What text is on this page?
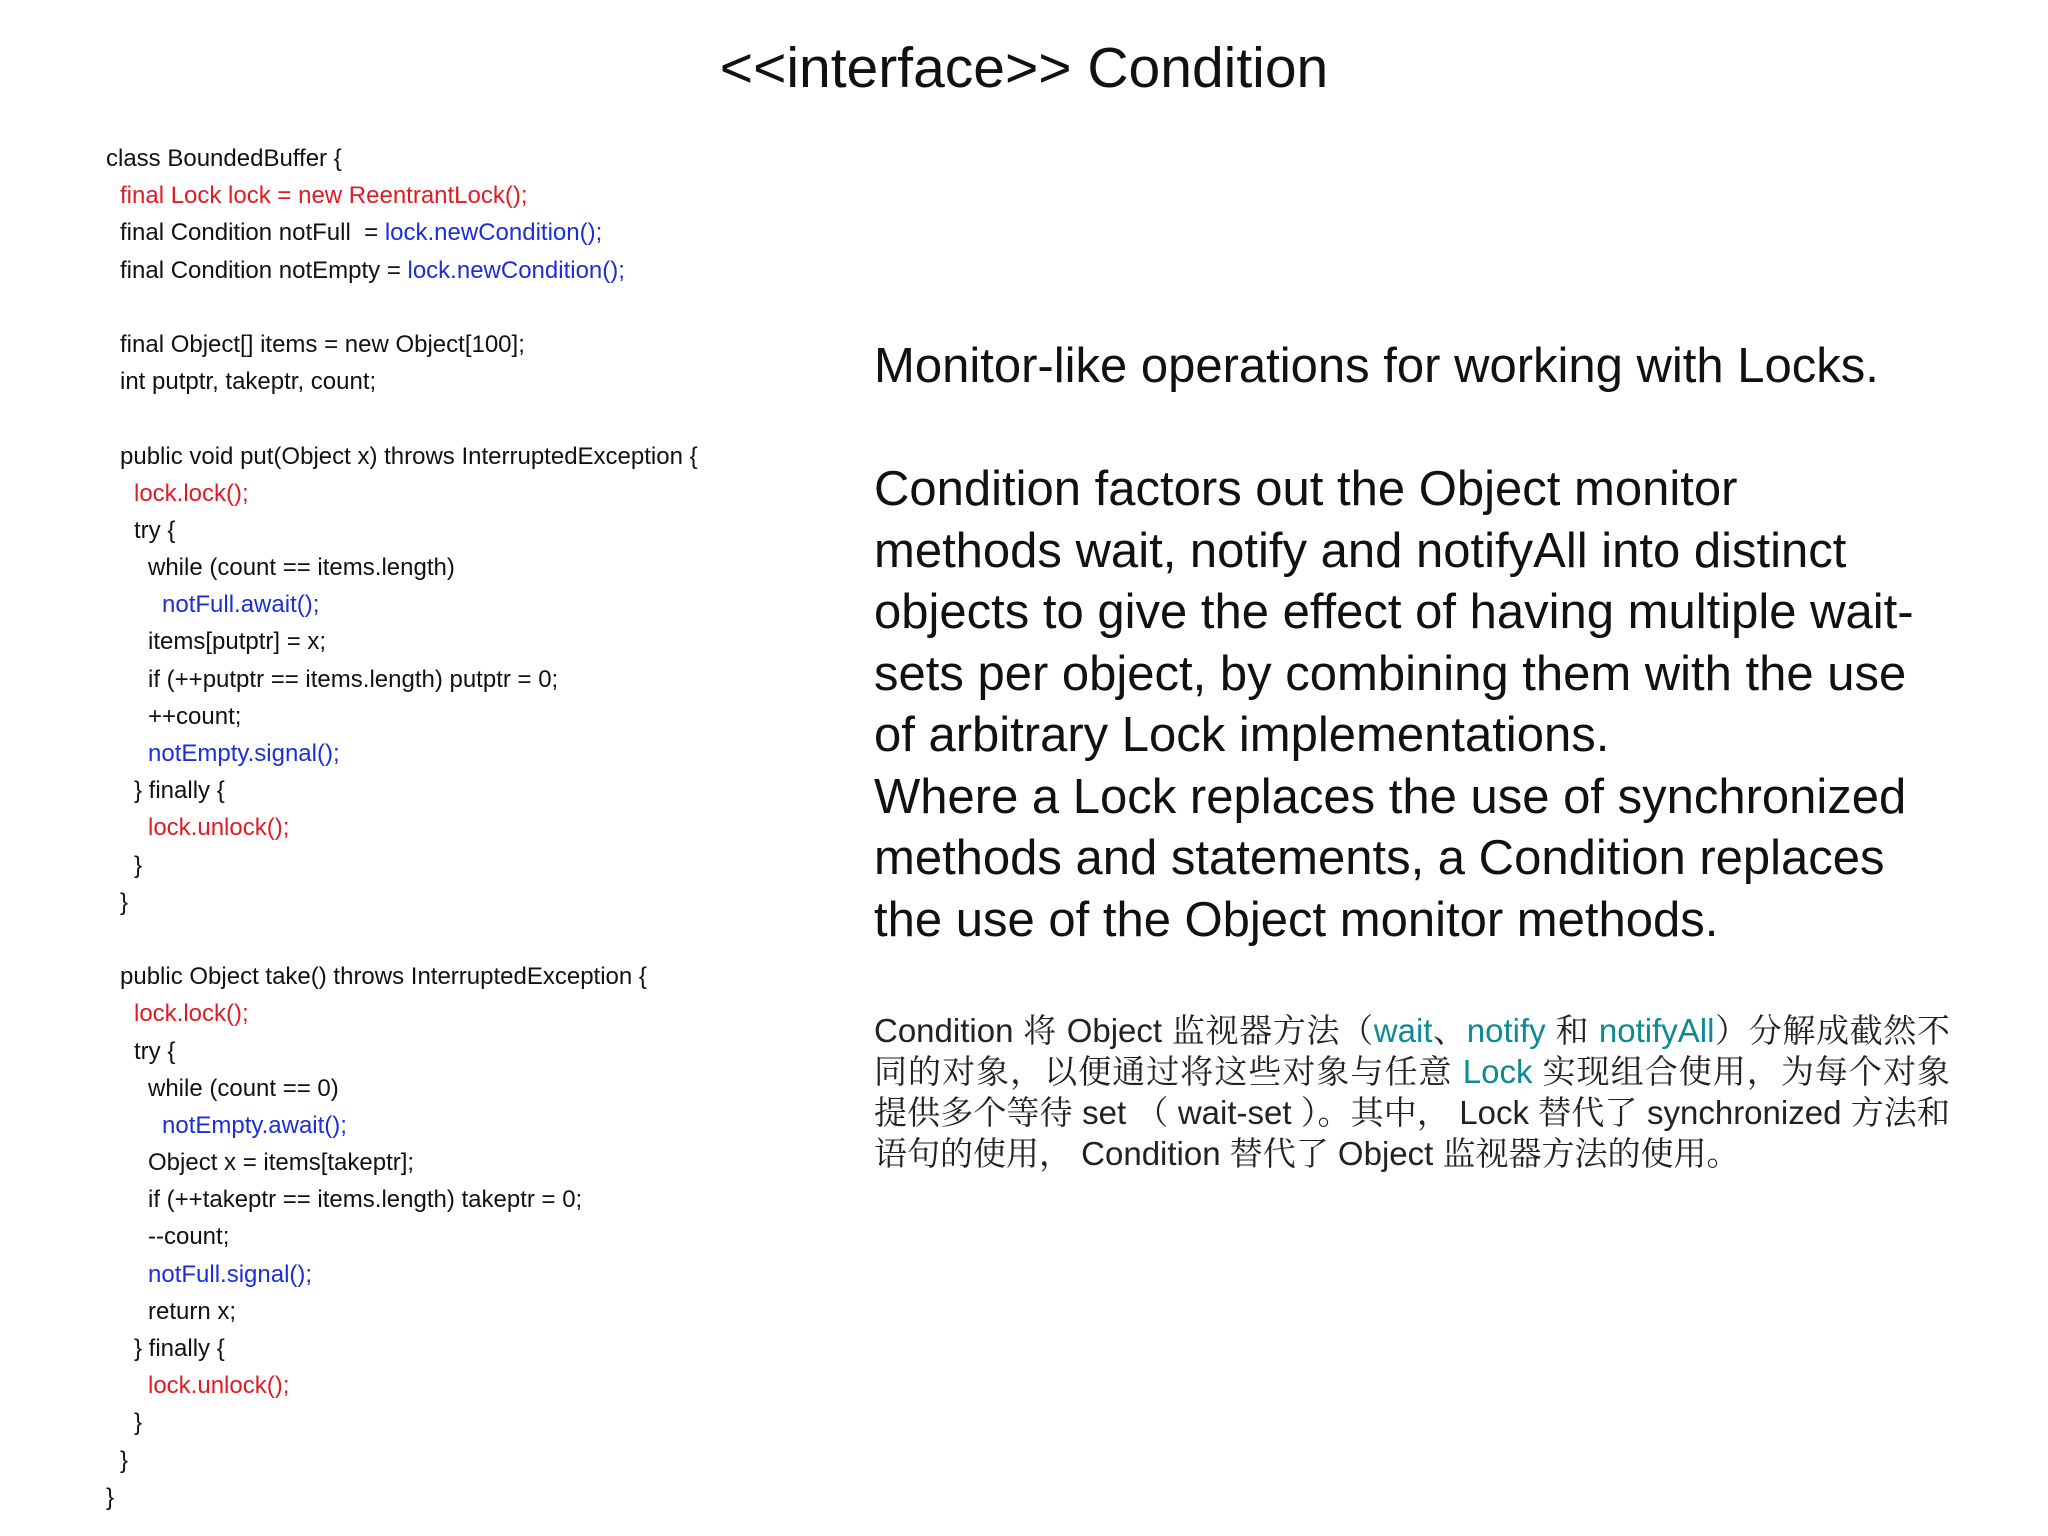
<<interface>> Condition
class BoundedBuffer {
final Lock lock = new ReentrantLock();
final Condition notFull  = lock.newCondition();
final Condition notEmpty = lock.newCondition();
final Object[] items = new Object[100];
int putptr, takeptr, count;
public void put(Object x) throws InterruptedException {
lock.lock();
try {
while (count == items.length)
notFull.await();
items[putptr] = x;
if (++putptr == items.length) putptr = 0;
++count;
notEmpty.signal();
} finally {
lock.unlock();
}
}
public Object take() throws InterruptedException {
lock.lock();
try {
while (count == 0)
notEmpty.await();
Object x = items[takeptr];
if (++takeptr == items.length) takeptr = 0;
--count;
notFull.signal();
return x;
} finally {
lock.unlock();
}
}
}

Monitor-like operations for working with Locks.

Condition factors out the Object monitor

methods wait, notify and notifyAll into distinct

objects to give the effect of having multiple wait-

sets per object, by combining them with the use

of arbitrary Lock implementations.

Where a Lock replaces the use of synchronized

methods and statements, a Condition replaces

the use of the Object monitor methods.

Condition 将 Object 监视器方法（wait、notify 和 notifyAll）分解成截然不同的对象，以便通过将这些对象与任意 Lock 实现组合使用，为每个对象提供多个等待 set （ wait-set ）。其中， Lock 替代了 synchronized 方法和语句的使用， Condition 替代了 Object 监视器方法的使用。
